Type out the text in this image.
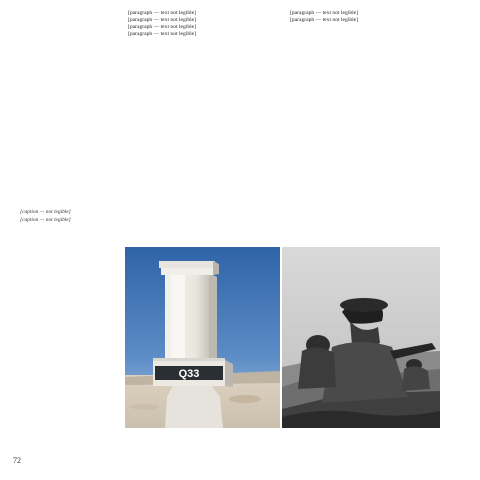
[paragraph — text not legible]

[paragraph — text not legible]

[paragraph — text not legible]

[paragraph — text not legible]

[paragraph — text not legible]

[paragraph — text not legible]

[caption — not legible]
[caption — not legible]
Q33
72
